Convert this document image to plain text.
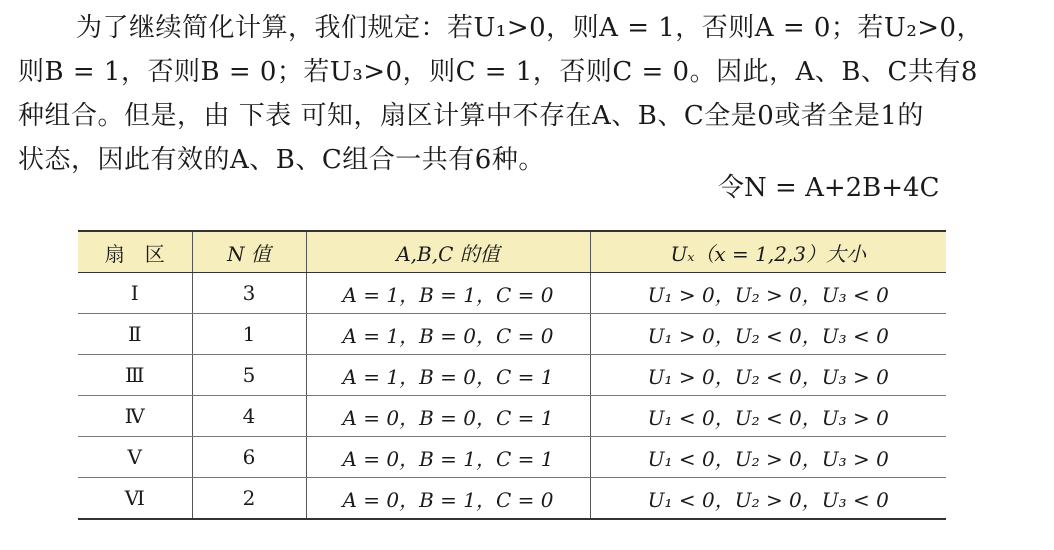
为了继续简化计算，我们规定：若U₁>0，则A = 1，否则A = 0；若U₂>0，
则B = 1，否则B = 0；若U₃>0，则C = 1，否则C = 0。因此，A、B、C共有8
种组合。但是，由 下表 可知，扇区计算中不存在A、B、C全是0或者全是1的
状态，因此有效的A、B、C组合一共有6种。

令N = A+2B+4C
扇　区	N 值	A,B,C 的值	Uₓ（x = 1,2,3）大小
Ⅰ	3	A = 1，B = 1，C = 0	U₁ > 0，U₂ > 0，U₃ < 0
Ⅱ	1	A = 1，B = 0，C = 0	U₁ > 0，U₂ < 0，U₃ < 0
Ⅲ	5	A = 1，B = 0，C = 1	U₁ > 0，U₂ < 0，U₃ > 0
Ⅳ	4	A = 0，B = 0，C = 1	U₁ < 0，U₂ < 0，U₃ > 0
Ⅴ	6	A = 0，B = 1，C = 1	U₁ < 0，U₂ > 0，U₃ > 0
Ⅵ	2	A = 0，B = 1，C = 0	U₁ < 0，U₂ > 0，U₃ < 0
